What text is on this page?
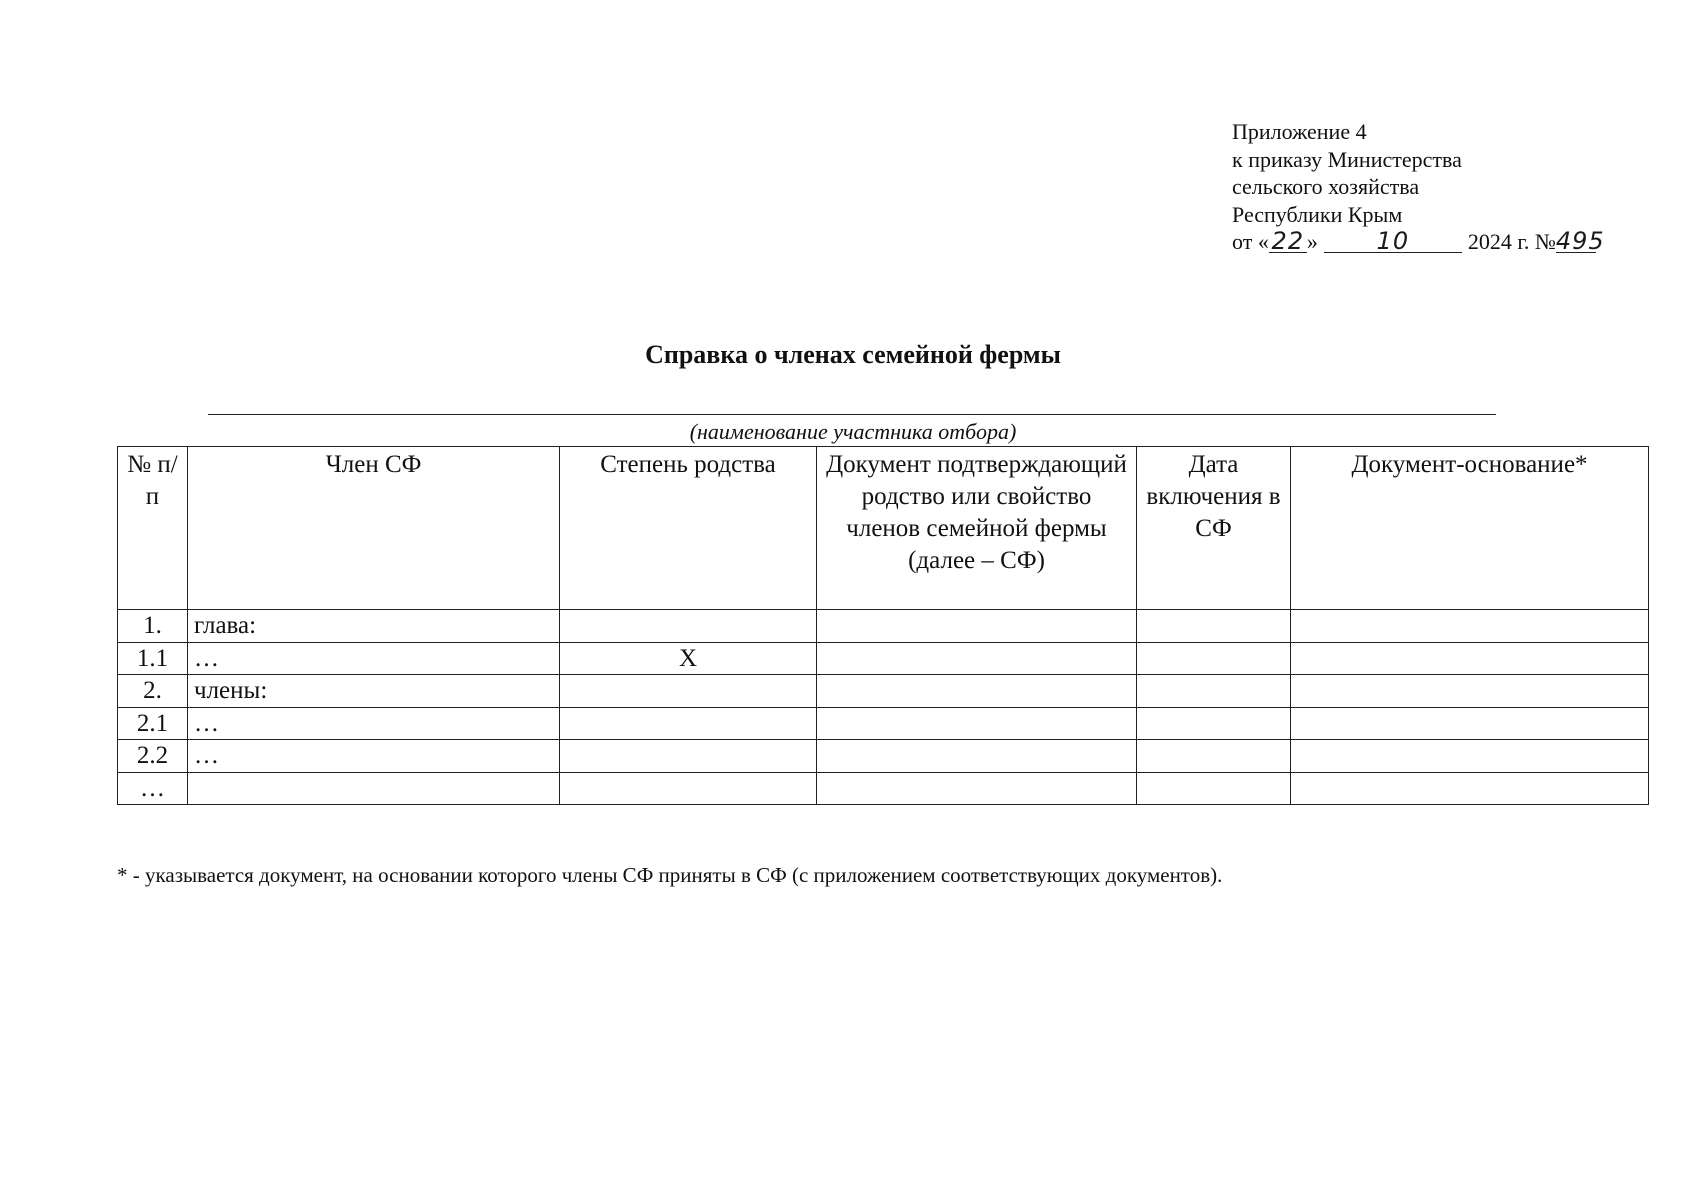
Приложение 4
к приказу Министерства
сельского хозяйства
Республики Крым
от « 22 » 10	2024 г. №495
Справка о членах семейной фермы
(наименование участника отбора)
№ п/п	Член СФ	Степень родства	Документ подтверждающий родство или свойство членов семейной фермы (далее – СФ)	Дата включения в СФ	Документ-основание*
1.	глава:				
1.1	…	Х			
2.	члены:				
2.1	…				
2.2	…				
…					
* - указывается документ, на основании которого члены СФ приняты в СФ (с приложением соответствующих документов).
